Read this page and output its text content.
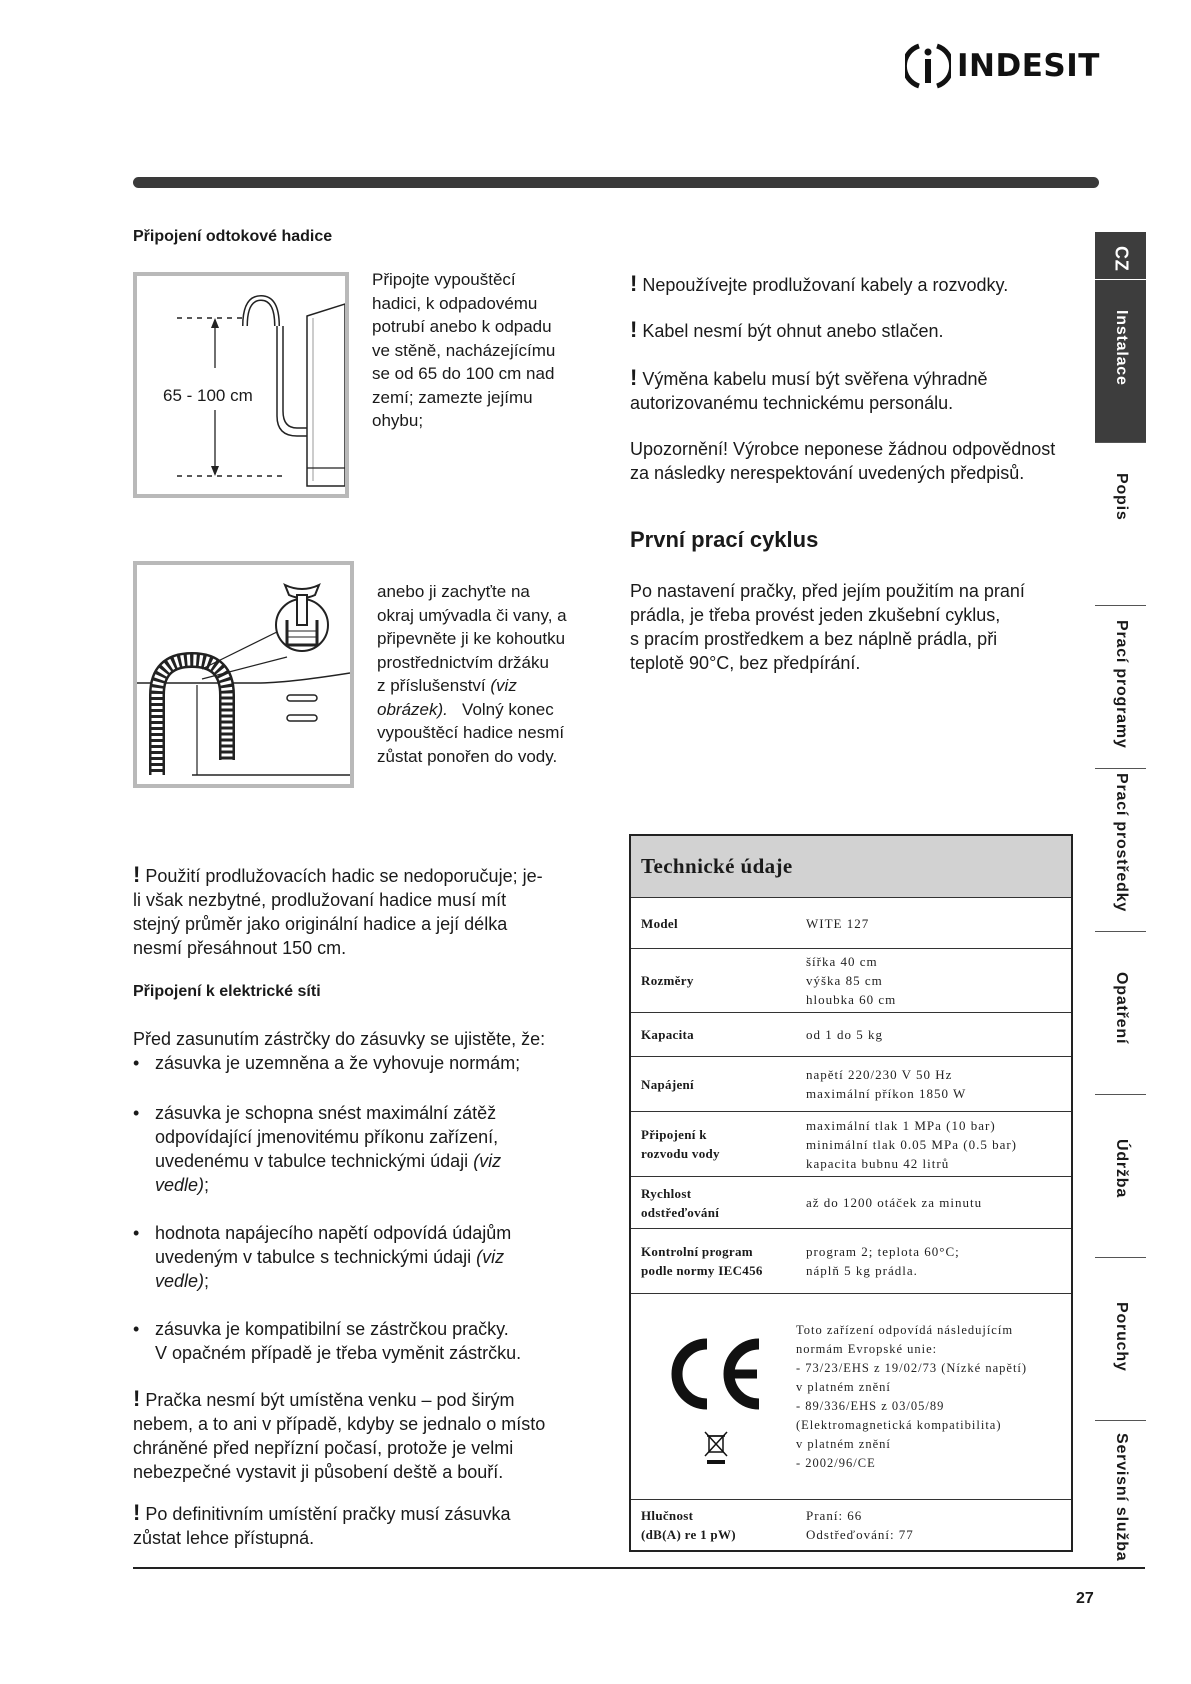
INDESIT
Připojení odtokové hadice
65 - 100 cm
Připojte vypouštěcí
hadici, k odpadovému
potrubí anebo k odpadu
ve stěně, nacházejícímu
se od 65 do 100 cm nad
zemí; zamezte jejímu
ohybu;
anebo ji zachyťte na
okraj umývadla či vany, a
připevněte ji ke kohoutku
prostřednictvím držáku
z příslušenství (viz
obrázek).   Volný konec
vypouštěcí hadice nesmí
zůstat ponořen do vody.
! Použití prodlužovacích hadic se nedoporučuje; je-
li však nezbytné, prodlužovaní hadice musí mít
stejný průměr jako originální hadice a její délka
nesmí přesáhnout 150 cm.
Připojení k elektrické síti
Před zasunutím zástrčky do zásuvky se ujistěte, že:
• zásuvka je uzemněna a že vyhovuje normám;
• zásuvka je schopna snést maximální zátěž
odpovídající jmenovitému příkonu zařízení,
uvedenému v tabulce technickými údaji (viz
vedle);
• hodnota napájecího napětí odpovídá údajům
uvedeným v tabulce s technickými údaji (viz
vedle);
• zásuvka je kompatibilní se zástrčkou pračky.
V opačném případě je třeba vyměnit zástrčku.
! Pračka nesmí být umístěna venku – pod širým
nebem, a to ani v případě, kdyby se jednalo o místo
chráněné před nepřízní počasí, protože je velmi
nebezpečné vystavit ji působení deště a bouří.
! Po definitivním umístění pračky musí zásuvka
zůstat lehce přístupná.
! Nepoužívejte prodlužovaní kabely a rozvodky.
! Kabel nesmí být ohnut anebo stlačen.
! Výměna kabelu musí být svěřena výhradně
autorizovanému technickému personálu.
Upozornění! Výrobce neponese žádnou odpovědnost
za následky nerespektování uvedených předpisů.
První prací cyklus
Po nastavení pračky, před jejím použitím na praní
prádla, je třeba provést jeden zkušební cyklus,
s pracím prostředkem a bez náplně prádla, při
teplotě 90°C, bez předpírání.
Technické údaje
Model	WITE 127
Rozměry
šířka 40 cm
výška 85 cm
hloubka 60 cm
Kapacita	od 1 do 5 kg
Napájení
napětí 220/230 V 50 Hz
maximální příkon 1850 W
Připojení k
rozvodu vody
maximální tlak 1 MPa (10 bar)
minimální tlak 0.05 MPa (0.5 bar)
kapacita bubnu 42 litrů
Rychlost
odstřeďování
až do 1200 otáček za minutu
Kontrolní program
podle normy IEC456
program 2; teplota 60°C;
náplň 5 kg prádla.
Toto zařízení odpovídá následujícím
normám Evropské unie:
- 73/23/EHS z 19/02/73 (Nízké napětí)
v platném znění
- 89/336/EHS z 03/05/89
(Elektromagnetická kompatibilita)
v platném znění
- 2002/96/CE
Hlučnost
(dB(A) re 1 pW)
Praní: 66
Odstřeďování: 77
CZ
Instalace
Popis
Prací programy
Prací prostředky
Opatření
Údržba
Poruchy
Servisní služba
27
